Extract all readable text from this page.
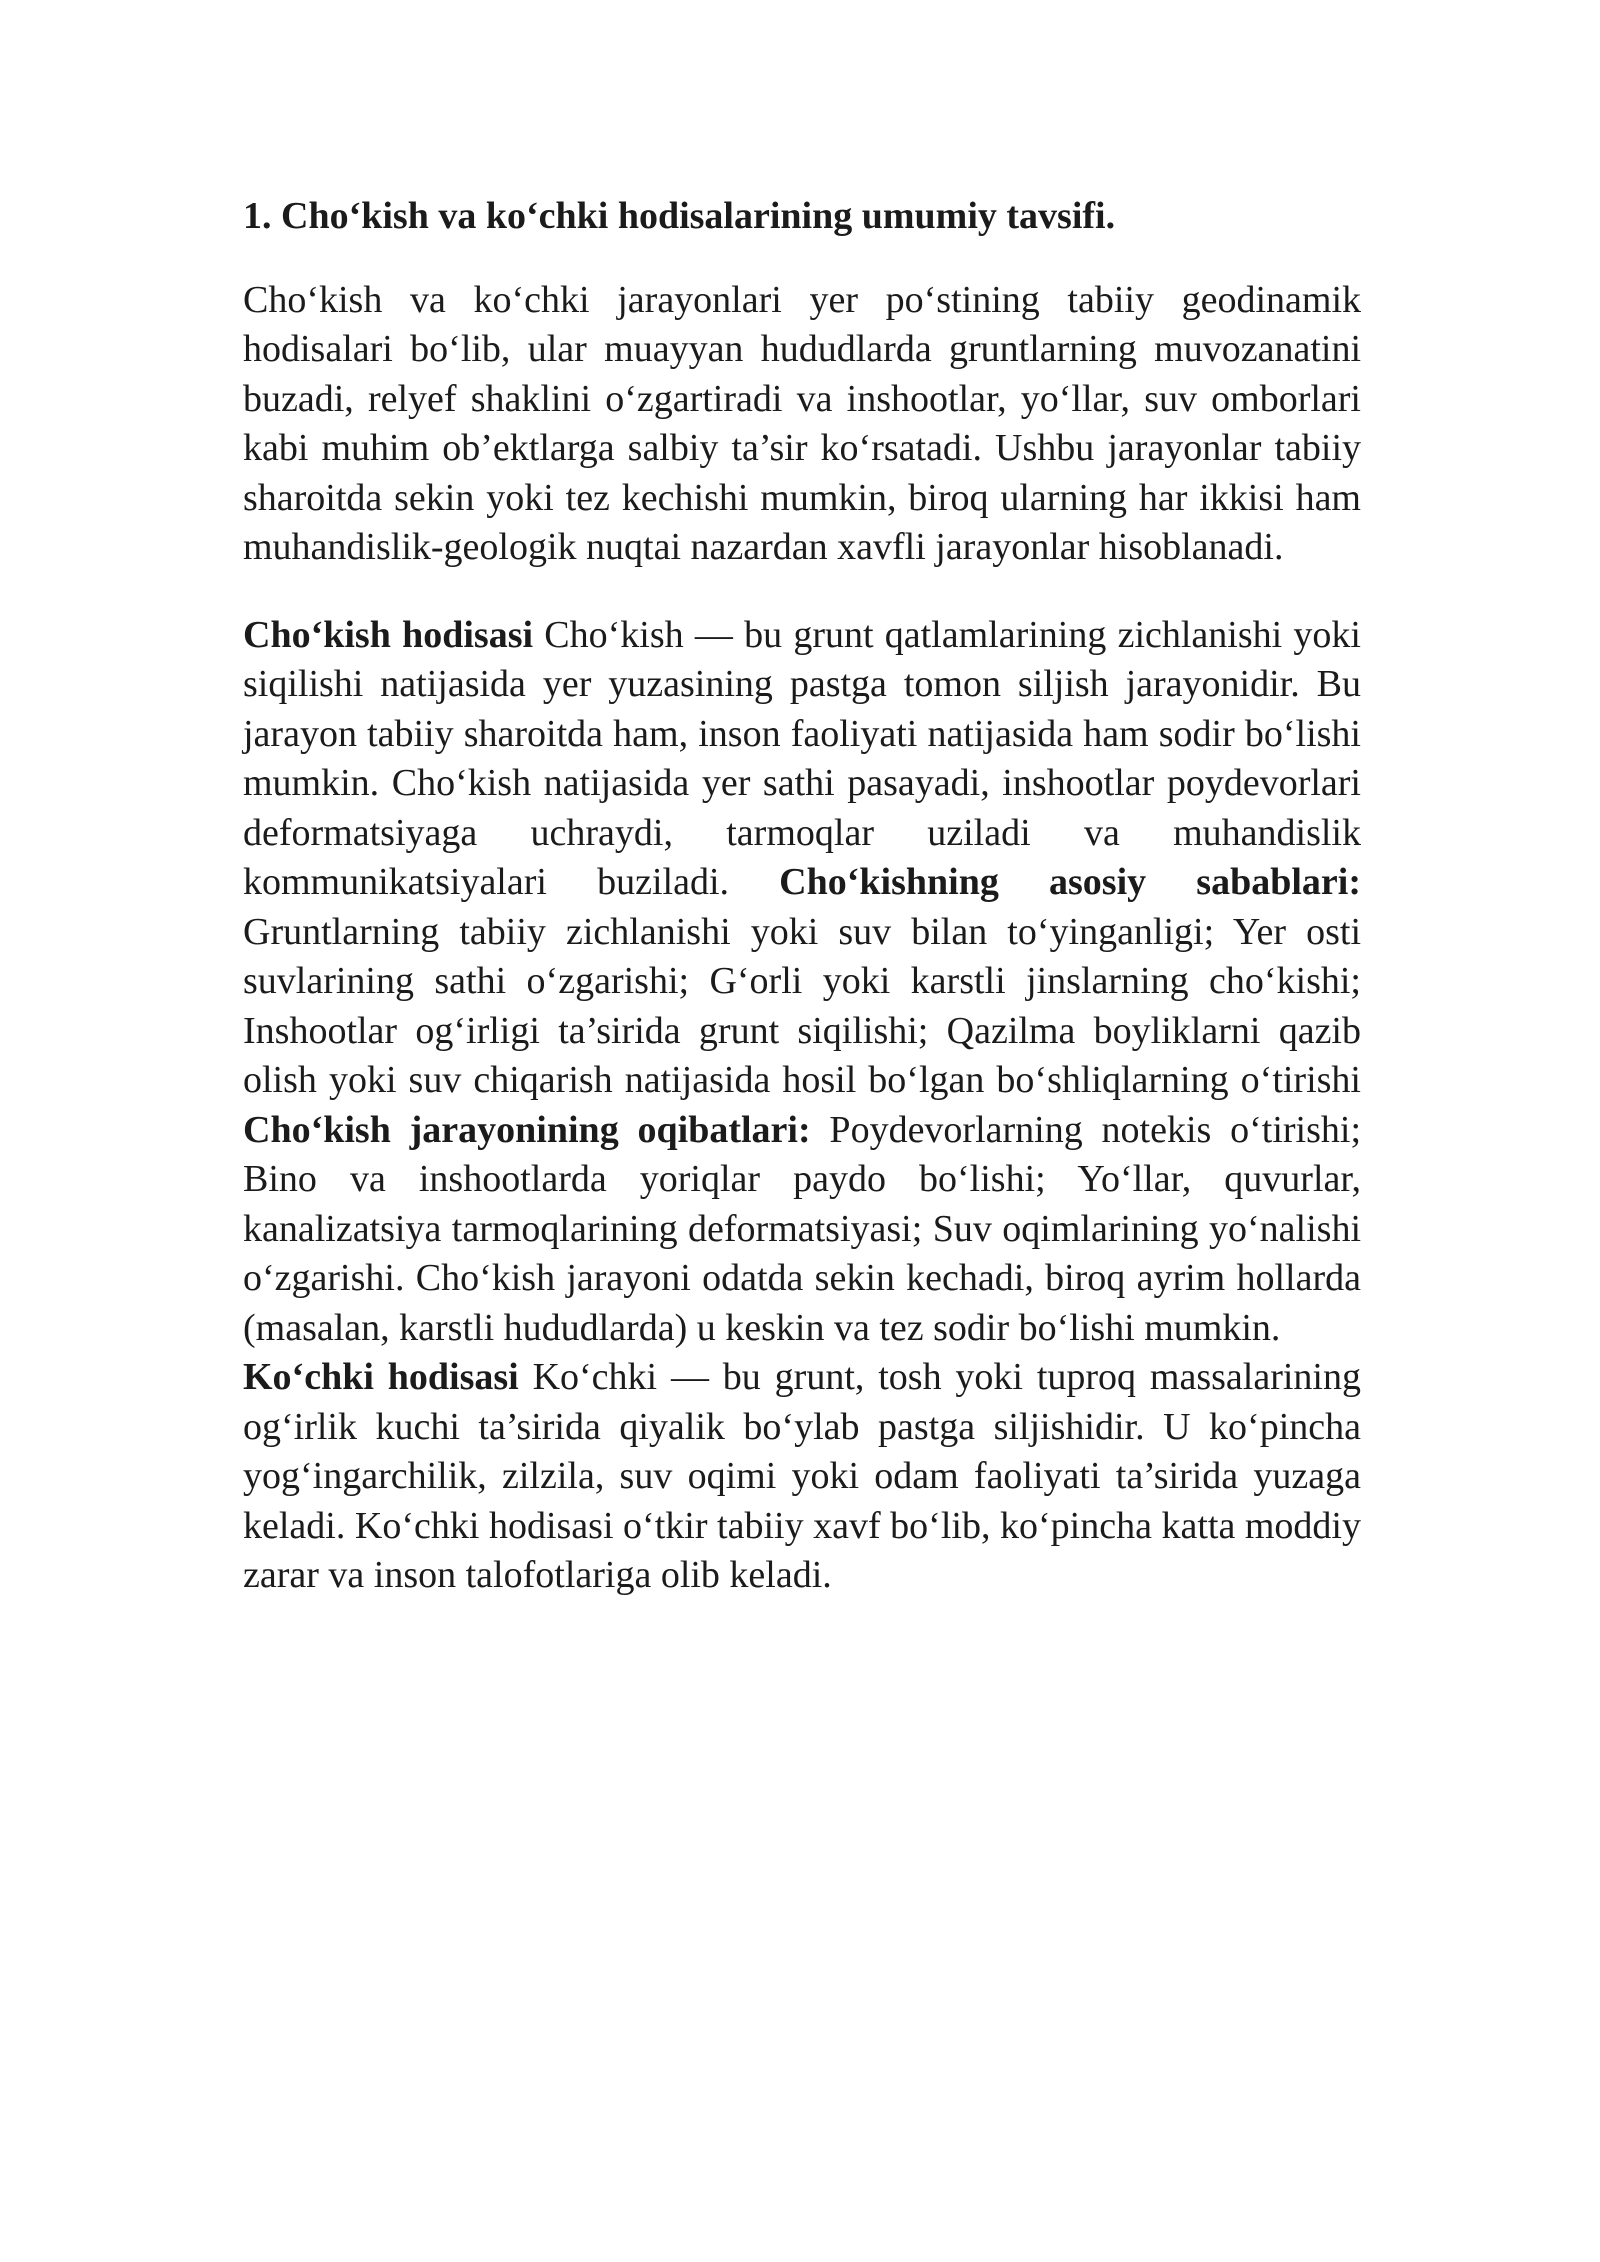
1. Cho‘kish va ko‘chki hodisalarining umumiy tavsifi.

Cho‘kish va ko‘chki jarayonlari yer po‘stining tabiiy geodinamik hodisalari bo‘lib, ular muayyan hududlarda gruntlarning muvozanatini buzadi, relyef shaklini o‘zgartiradi va inshootlar, yo‘llar, suv omborlari kabi muhim ob’ektlarga salbiy ta’sir ko‘rsatadi. Ushbu jarayonlar tabiiy sharoitda sekin yoki tez kechishi mumkin, biroq ularning har ikkisi ham muhandislik-geologik nuqtai nazardan xavfli jarayonlar hisoblanadi.

Cho‘kish hodisasi Cho‘kish — bu grunt qatlamlarining zichlanishi yoki siqilishi natijasida yer yuzasining pastga tomon siljish jarayonidir. Bu jarayon tabiiy sharoitda ham, inson faoliyati natijasida ham sodir bo‘lishi mumkin. Cho‘kish natijasida yer sathi pasayadi, inshootlar poydevorlari deformatsiyaga uchraydi, tarmoqlar uziladi va muhandislik kommunikatsiyalari buziladi. Cho‘kishning asosiy sabablari: Gruntlarning tabiiy zichlanishi yoki suv bilan to‘yinganligi; Yer osti suvlarining sathi o‘zgarishi; G‘orli yoki karstli jinslarning cho‘kishi; Inshootlar og‘irligi ta’sirida grunt siqilishi; Qazilma boyliklarni qazib olish yoki suv chiqarish natijasida hosil bo‘lgan bo‘shliqlarning o‘tirishi Cho‘kish jarayonining oqibatlari: Poydevorlarning notekis o‘tirishi; Bino va inshootlarda yoriqlar paydo bo‘lishi; Yo‘llar, quvurlar, kanalizatsiya tarmoqlarining deformatsiyasi; Suv oqimlarining yo‘nalishi o‘zgarishi. Cho‘kish jarayoni odatda sekin kechadi, biroq ayrim hollarda (masalan, karstli hududlarda) u keskin va tez sodir bo‘lishi mumkin.

Ko‘chki hodisasi Ko‘chki — bu grunt, tosh yoki tuproq massalarining og‘irlik kuchi ta’sirida qiyalik bo‘ylab pastga siljishidir. U ko‘pincha yog‘ingarchilik, zilzila, suv oqimi yoki odam faoliyati ta’sirida yuzaga keladi. Ko‘chki hodisasi o‘tkir tabiiy xavf bo‘lib, ko‘pincha katta moddiy zarar va inson talofotlariga olib keladi.
